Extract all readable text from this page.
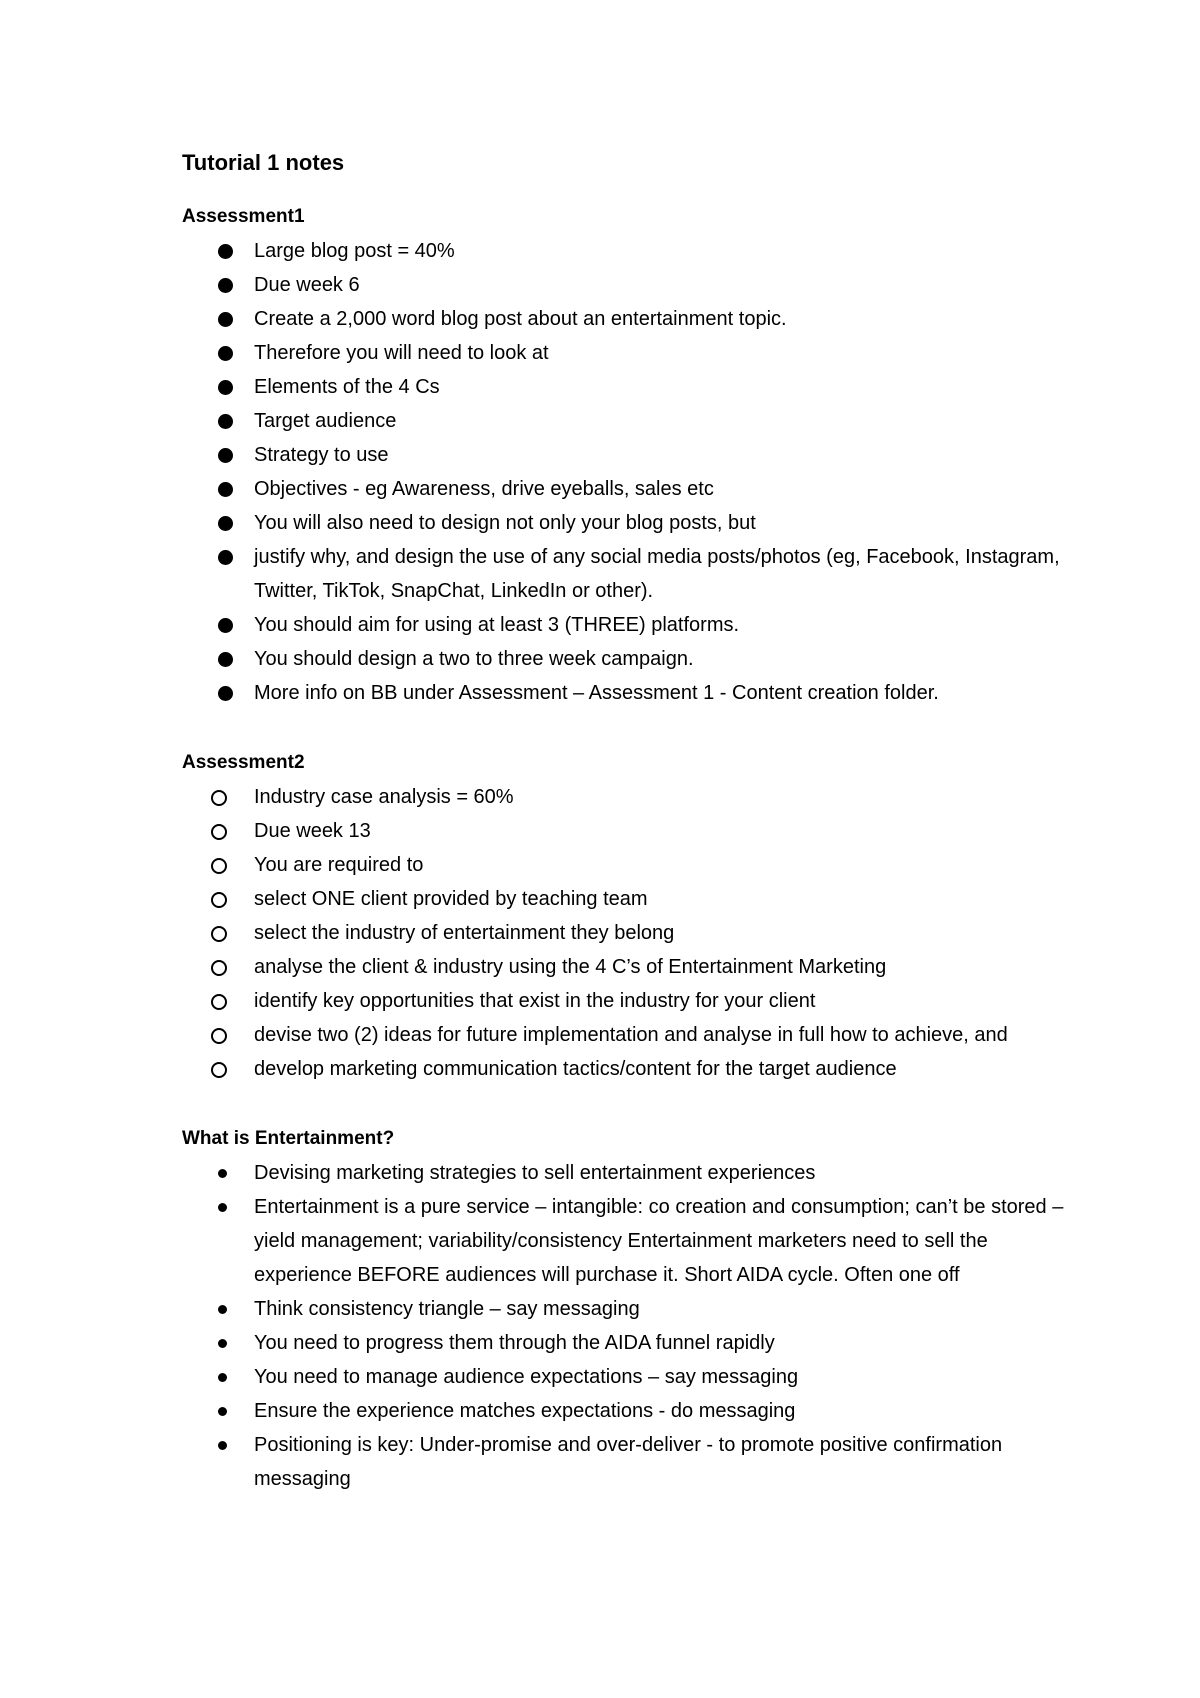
Tutorial 1 notes
Assessment1
Large blog post = 40%
Due week 6
Create a 2,000 word blog post about an entertainment topic.
Therefore you will need to look at
Elements of the 4 Cs
Target audience
Strategy to use
Objectives - eg Awareness, drive eyeballs, sales etc
You will also need to design not only your blog posts, but
justify why, and design the use of any social media posts/photos (eg, Facebook, Instagram, Twitter, TikTok, SnapChat, LinkedIn or other).
You should aim for using at least 3 (THREE) platforms.
You should design a two to three week campaign.
More info on BB under Assessment – Assessment 1 - Content creation folder.
Assessment2
Industry case analysis = 60%
Due week 13
You are required to
select ONE client provided by teaching team
select the industry of entertainment they belong
analyse the client & industry using the 4 C’s of Entertainment Marketing
identify key opportunities that exist in the industry for your client
devise two (2) ideas for future implementation and analyse in full how to achieve, and
develop marketing communication tactics/content for the target audience
What is Entertainment?
Devising marketing strategies to sell entertainment experiences
Entertainment is a pure service – intangible: co creation and consumption; can’t be stored – yield management; variability/consistency Entertainment marketers need to sell the experience BEFORE audiences will purchase it. Short AIDA cycle. Often one off
Think consistency triangle – say messaging
You need to progress them through the AIDA funnel rapidly
You need to manage audience expectations – say messaging
Ensure the experience matches expectations - do messaging
Positioning is key: Under-promise and over-deliver - to promote positive confirmation messaging
